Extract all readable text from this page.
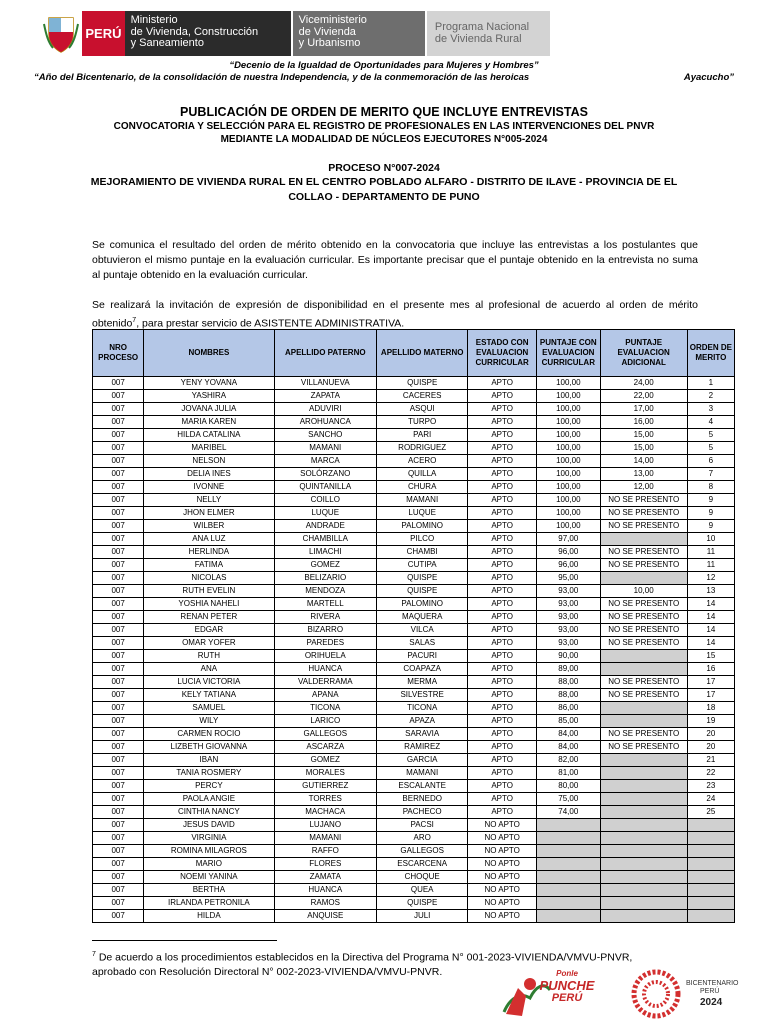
PERÚ
Ministerio
de Vivienda, Construcción
y Saneamiento
Viceministerio
de Vivienda
y Urbanismo
Programa Nacional
de Vivienda Rural
“Decenio de la Igualdad de Oportunidades para Mujeres y Hombres”
“Año del Bicentenario, de la consolidación de nuestra Independencia, y de la conmemoración de las heroicas	Ayacucho”
PUBLICACIÓN DE ORDEN DE MERITO QUE INCLUYE ENTREVISTAS
CONVOCATORIA Y SELECCIÓN PARA EL REGISTRO DE PROFESIONALES EN LAS INTERVENCIONES DEL PNVR
MEDIANTE LA MODALIDAD DE NÚCLEOS EJECUTORES N°005-2024
PROCESO N°007-2024
MEJORAMIENTO DE VIVIENDA RURAL EN EL CENTRO POBLADO ALFARO - DISTRITO DE ILAVE - PROVINCIA DE EL
COLLAO - DEPARTAMENTO DE PUNO
Se comunica el resultado del orden de mérito obtenido en la convocatoria que incluye las entrevistas a los postulantes que obtuvieron el mismo puntaje en la evaluación curricular. Es importante precisar que el puntaje obtenido en la entrevista no suma al puntaje obtenido en la evaluación curricular.
Se realizará la invitación de expresión de disponibilidad en el presente mes al profesional de acuerdo al orden de mérito obtenido$^7$, para prestar servicio de ASISTENTE ADMINISTRATIVA.
NRO PROCESO	NOMBRES	APELLIDO PATERNO	APELLIDO MATERNO	ESTADO CON EVALUACION CURRICULAR	PUNTAJE CON EVALUACION CURRICULAR	PUNTAJE EVALUACION ADICIONAL	ORDEN DE MERITO
007	YENY YOVANA	VILLANUEVA	QUISPE	APTO	100,00	24,00	1
007	YASHIRA	ZAPATA	CACERES	APTO	100,00	22,00	2
007	JOVANA JULIA	ADUVIRI	ASQUI	APTO	100,00	17,00	3
007	MARIA KAREN	AROHUANCA	TURPO	APTO	100,00	16,00	4
007	HILDA CATALINA	SANCHO	PARI	APTO	100,00	15,00	5
007	MARIBEL	MAMANI	RODRIGUEZ	APTO	100,00	15,00	5
007	NELSON	MARCA	ACERO	APTO	100,00	14,00	6
007	DELIA INES	SOLÓRZANO	QUILLA	APTO	100,00	13,00	7
007	IVONNE	QUINTANILLA	CHURA	APTO	100,00	12,00	8
007	NELLY	COILLO	MAMANI	APTO	100,00	NO SE PRESENTO	9
007	JHON ELMER	LUQUE	LUQUE	APTO	100,00	NO SE PRESENTO	9
007	WILBER	ANDRADE	PALOMINO	APTO	100,00	NO SE PRESENTO	9
007	ANA LUZ	CHAMBILLA	PILCO	APTO	97,00		10
007	HERLINDA	LIMACHI	CHAMBI	APTO	96,00	NO SE PRESENTO	11
007	FATIMA	GOMEZ	CUTIPA	APTO	96,00	NO SE PRESENTO	11
007	NICOLAS	BELIZARIO	QUISPE	APTO	95,00		12
007	RUTH EVELIN	MENDOZA	QUISPE	APTO	93,00	10,00	13
007	YOSHIA NAHELI	MARTELL	PALOMINO	APTO	93,00	NO SE PRESENTO	14
007	RENAN PETER	RIVERA	MAQUERA	APTO	93,00	NO SE PRESENTO	14
007	EDGAR	BIZARRO	VILCA	APTO	93,00	NO SE PRESENTO	14
007	OMAR YOFER	PAREDES	SALAS	APTO	93,00	NO SE PRESENTO	14
007	RUTH	ORIHUELA	PACURI	APTO	90,00		15
007	ANA	HUANCA	COAPAZA	APTO	89,00		16
007	LUCIA VICTORIA	VALDERRAMA	MERMA	APTO	88,00	NO SE PRESENTO	17
007	KELY TATIANA	APANA	SILVESTRE	APTO	88,00	NO SE PRESENTO	17
007	SAMUEL	TICONA	TICONA	APTO	86,00		18
007	WILY	LARICO	APAZA	APTO	85,00		19
007	CARMEN ROCIO	GALLEGOS	SARAVIA	APTO	84,00	NO SE PRESENTO	20
007	LIZBETH GIOVANNA	ASCARZA	RAMIREZ	APTO	84,00	NO SE PRESENTO	20
007	IBAN	GOMEZ	GARCIA	APTO	82,00		21
007	TANIA ROSMERY	MORALES	MAMANI	APTO	81,00		22
007	PERCY	GUTIERREZ	ESCALANTE	APTO	80,00		23
007	PAOLA ANGIE	TORRES	BERNEDO	APTO	75,00		24
007	CINTHIA NANCY	MACHACA	PACHECO	APTO	74,00		25
007	JESUS DAVID	LUJANO	PACSI	NO APTO			
007	VIRGINIA	MAMANI	ARO	NO APTO			
007	ROMINA MILAGROS	RAFFO	GALLEGOS	NO APTO			
007	MARIO	FLORES	ESCARCENA	NO APTO			
007	NOEMI YANINA	ZAMATA	CHOQUE	NO APTO			
007	BERTHA	HUANCA	QUEA	NO APTO			
007	IRLANDA PETRONILA	RAMOS	QUISPE	NO APTO			
007	HILDA	ANQUISE	JULI	NO APTO			
$^7$ De acuerdo a los procedimientos establecidos en la Directiva del Programa N° 001-2023-VIVIENDA/VMVU-PNVR,
aprobado con Resolución Directoral N° 002-2023-VIVIENDA/VMVU-PNVR.	Ponle
PUNCHE
PERÚ
BICENTENARIO
PERÚ
2024
